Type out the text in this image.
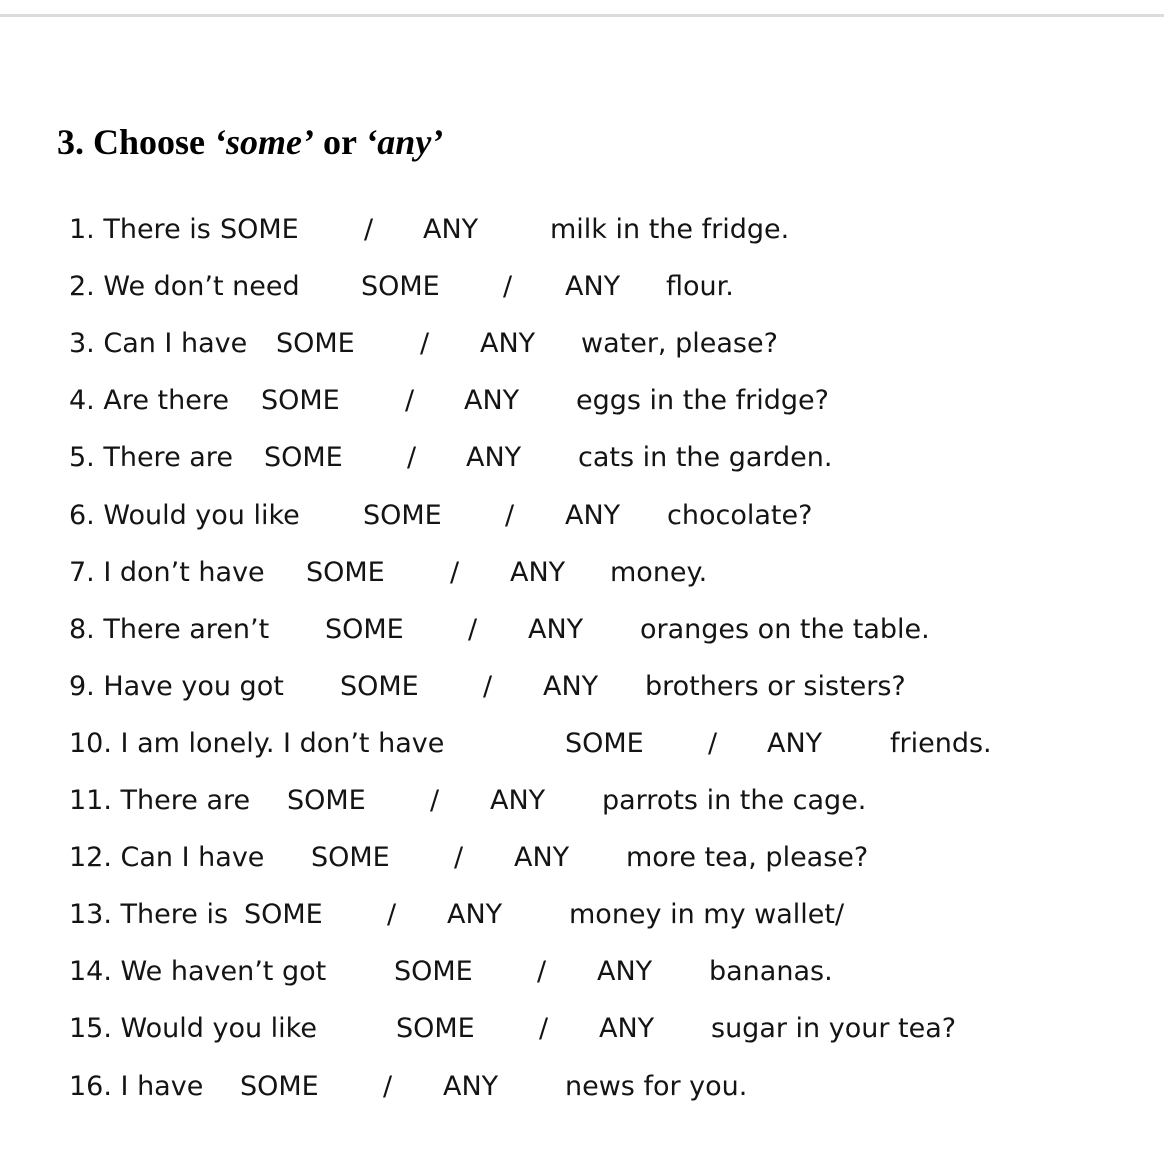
3. Choose ‘some’ or ‘any’
1. There is SOME / ANY	milk in the fridge.
2. We don’t need SOME / ANY flour.
3. Can I have SOME / ANY water, please?
4. Are there SOME / ANY eggs in the fridge?
5. There are SOME / ANY cats in the garden.
6. Would you like SOME / ANY chocolate?
7. I don’t have SOME / ANY money.
8. There aren’t SOME / ANY oranges on the table.
9. Have you got SOME / ANY brothers or sisters?
10. I am lonely. I don’t have	SOME / ANY	friends.
11. There are SOME / ANY parrots in the cage.
12. Can I have SOME / ANY more tea, please?
13. There is SOME / ANY money in my wallet/
14. We haven’t got	SOME / ANY bananas.
15. Would you like	SOME / ANY sugar in your tea?
16. I have SOME / ANY news for you.
